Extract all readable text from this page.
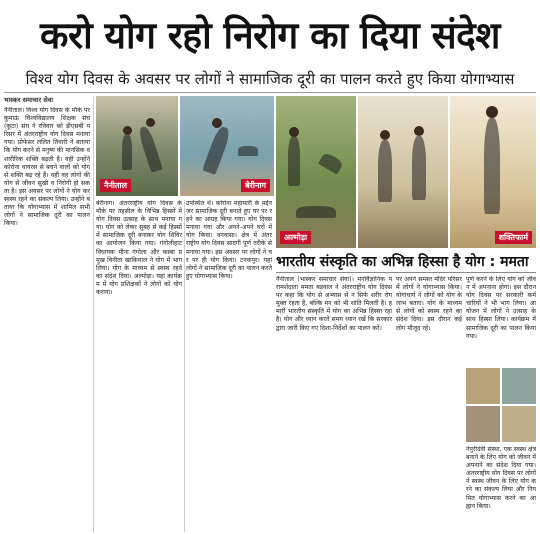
करो योग रहो निरोग का दिया संदेश
विश्व योग दिवस के अवसर पर लोगों ने सामाजिक दूरी का पालन करते हुए किया योगाभ्यास
भास्कर समाचार सेवा
नैनीताल। विश्व योग दिवस के मौके पर कुमाऊं विश्वविद्यालय शिक्षक संघ (कूटा) संघ ने रविवार को डीएसबी परिसर में अंतरराष्ट्रीय योग दिवस मनाया गया। प्रोफेसर ललित तिवारी ने बताया कि योग करने से मनुष्य की मानसिक व शारीरिक शक्ति बढ़ती है। वहीं उन्होंने कोरोना वायरस से बचने वालों को योग से शक्ति बढ़ रहे हैं। वहीं वह लोगों की योग से जीवन सुखी व निरोगी हो सकता है। इस अवसर पर लोगों ने योग कर स्वस्थ रहने का संकल्प लिया। उन्होंने बताया कि योगाभ्यास में शामिल सभी लोगों ने सामाजिक दूरी का पालन किया।
नैनीताल	बेरीनाग
अल्मोड़ा	शक्तिफार्म
बेरीनाग। अंतरराष्ट्रीय योग दिवस के मौके पर तहसील के विभिन्न हिस्सों में योग दिवस उत्साह के साथ मनाया गया। योग को लेकर सुबह से कई हिस्सों में सामाजिक दूरी बनाकर योग शिविर का आयोजन किया गया। गंगोलीहाट विधायक मीना गंगोला और कस्बा प्रमुख विनीता खाकियाल ने योग में भाग लिया। योग के माध्यम से स्वस्थ रहने का संदेश दिया। अल्मोड़ा। यहां कार्यक्रम में योग प्रशिक्षकों ने लोगों को योग कराया।
उपस्थित थे। कोरोना महामारी के मद्देनजर सामाजिक दूरी बनाते हुए घर पर रहने का आग्रह किया गया। योग दिवस मनाया गया और अपने-अपने घरों में योग किया। वनवासा। क्षेत्र में अंतरराष्ट्रीय योग दिवस सादगी पूर्ण तरीके से मनाया गया। इस अवसर पर लोगों ने घर पर ही योग किया। टनकपुर। यहां लोगों ने सामाजिक दूरी का पालन करते हुए योगाभ्यास किया।
भारतीय संस्कृति का अभिन्न हिस्सा है योग : ममता
नैनीताल (भास्कर समाचार सेवा)। मनोवैज्ञानिक परामर्शदाता ममता बडवाल ने अंतरराष्ट्रीय योग दिवस पर कहा कि योग से अभ्यास से न सिर्फ शरीर रोगमुक्त रहता है, बल्कि मन को भी शांति मिलती है। हमारी भारतीय संस्कृति में योग का अभिन्न हिस्सा रहा है। योग और ध्यान करते समय ध्यान रखें कि सरकार द्वारा जारी किए गए दिशा-निर्देशों का पालन करें।
पर अपने समस्त मंदिर परिसर में लोगों ने योगाभ्यास किया। योगाचार्य ने लोगों को योग के लाभ बताए। योग के माध्यम से लोगों को स्वस्थ रहने का संदेश दिया। इस दौरान कई लोग मौजूद रहे।
पूर्ण करने के लिए योग को जीवन में अपनाना होगा। इस दौरान योग दिवस पर सरकारी कर्मचारियों ने भी भाग लिया। आयोजन में लोगों ने उत्साह के साथ हिस्सा लिया। कार्यक्रम में सामाजिक दूरी का पालन किया गया।
नेपुरीदेवी संस्था, एक स्वस्थ क्षेत्र बनाने के लिए योग को जीवन में अपनाने का संदेश दिया गया। अंतरराष्ट्रीय योग दिवस पर लोगों ने स्वस्थ जीवन के लिए योग करने का संकल्प लिया और नियमित योगाभ्यास करने का आह्वान किया।
